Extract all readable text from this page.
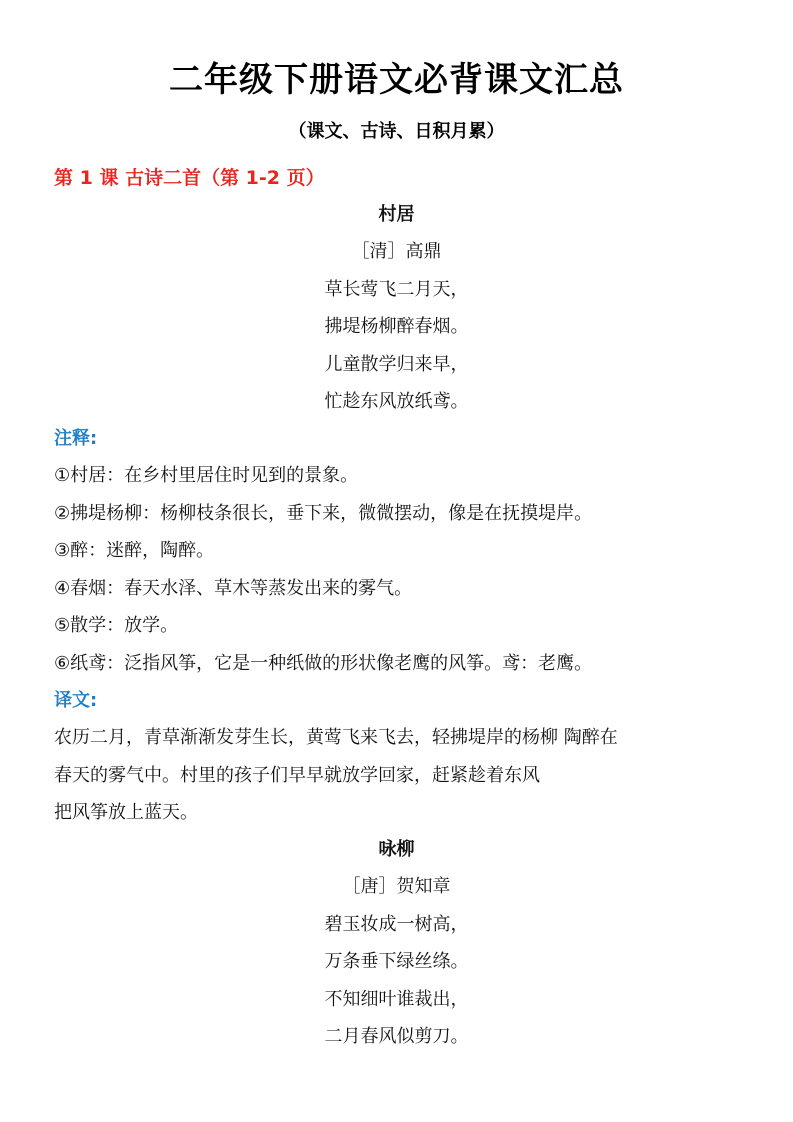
二年级下册语文必背课文汇总
（课文、古诗、日积月累）
第 1 课 古诗二首（第 1-2 页）
村居
［清］高鼎
草长莺飞二月天，
拂堤杨柳醉春烟。
儿童散学归来早，
忙趁东风放纸鸢。
注释:
①村居：在乡村里居住时见到的景象。
②拂堤杨柳：杨柳枝条很长，垂下来，微微摆动，像是在抚摸堤岸。
③醉：迷醉，陶醉。
④春烟：春天水泽、草木等蒸发出来的雾气。
⑤散学：放学。
⑥纸鸢：泛指风筝，它是一种纸做的形状像老鹰的风筝。鸢：老鹰。
译文:
农历二月，青草渐渐发芽生长，黄莺飞来飞去，轻拂堤岸的杨柳 陶醉在
春天的雾气中。村里的孩子们早早就放学回家，赶紧趁着东风
把风筝放上蓝天。
咏柳
［唐］贺知章
碧玉妆成一树高，
万条垂下绿丝绦。
不知细叶谁裁出，
二月春风似剪刀。
